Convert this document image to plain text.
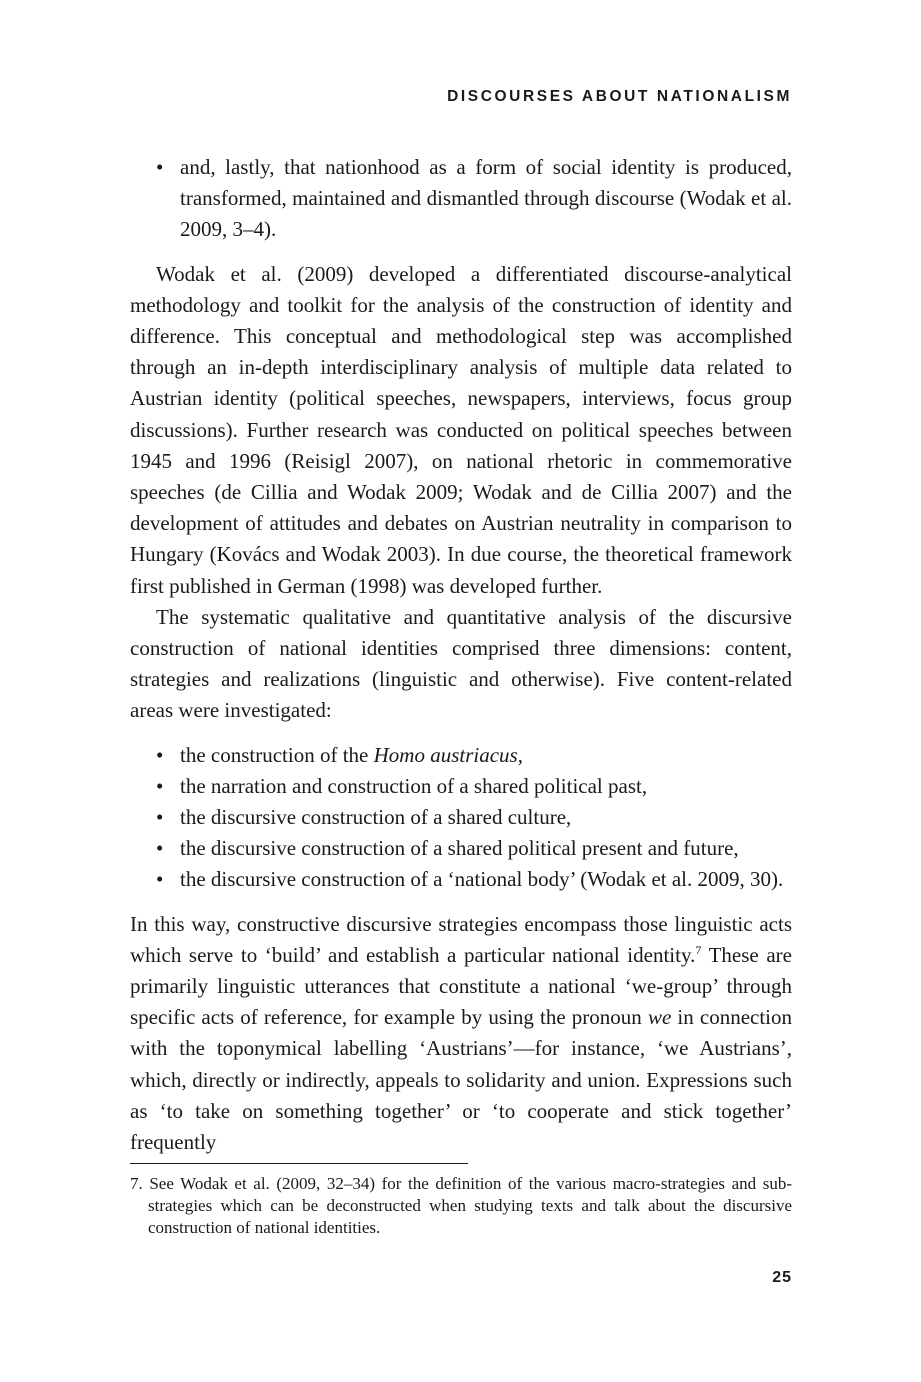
DISCOURSES ABOUT NATIONALISM
• and, lastly, that nationhood as a form of social identity is produced, transformed, maintained and dismantled through discourse (Wodak et al. 2009, 3–4).

Wodak et al. (2009) developed a differentiated discourse-analytical methodology and toolkit for the analysis of the construction of identity and difference. This conceptual and methodological step was accomplished through an in-depth interdisciplinary analysis of multiple data related to Austrian identity (political speeches, newspapers, interviews, focus group discussions). Further research was conducted on political speeches between 1945 and 1996 (Reisigl 2007), on national rhetoric in commemorative speeches (de Cillia and Wodak 2009; Wodak and de Cillia 2007) and the development of attitudes and debates on Austrian neutrality in comparison to Hungary (Kovács and Wodak 2003). In due course, the theoretical framework first published in German (1998) was developed further.

The systematic qualitative and quantitative analysis of the discursive construction of national identities comprised three dimensions: content, strategies and realizations (linguistic and otherwise). Five content-related areas were investigated:

• the construction of the Homo austriacus,
• the narration and construction of a shared political past,
• the discursive construction of a shared culture,
• the discursive construction of a shared political present and future,
• the discursive construction of a ‘national body’ (Wodak et al. 2009, 30).

In this way, constructive discursive strategies encompass those linguistic acts which serve to ‘build’ and establish a particular national identity.$^7$ These are primarily linguistic utterances that constitute a national ‘we-group’ through specific acts of reference, for example by using the pronoun we in connection with the toponymical labelling ‘Austrians’—for instance, ‘we Austrians’, which, directly or indirectly, appeals to solidarity and union. Expressions such as ‘to take on something together’ or ‘to cooperate and stick together’ frequently

7. See Wodak et al. (2009, 32–34) for the definition of the various macro-strategies and sub-strategies which can be deconstructed when studying texts and talk about the discursive construction of national identities.
25
